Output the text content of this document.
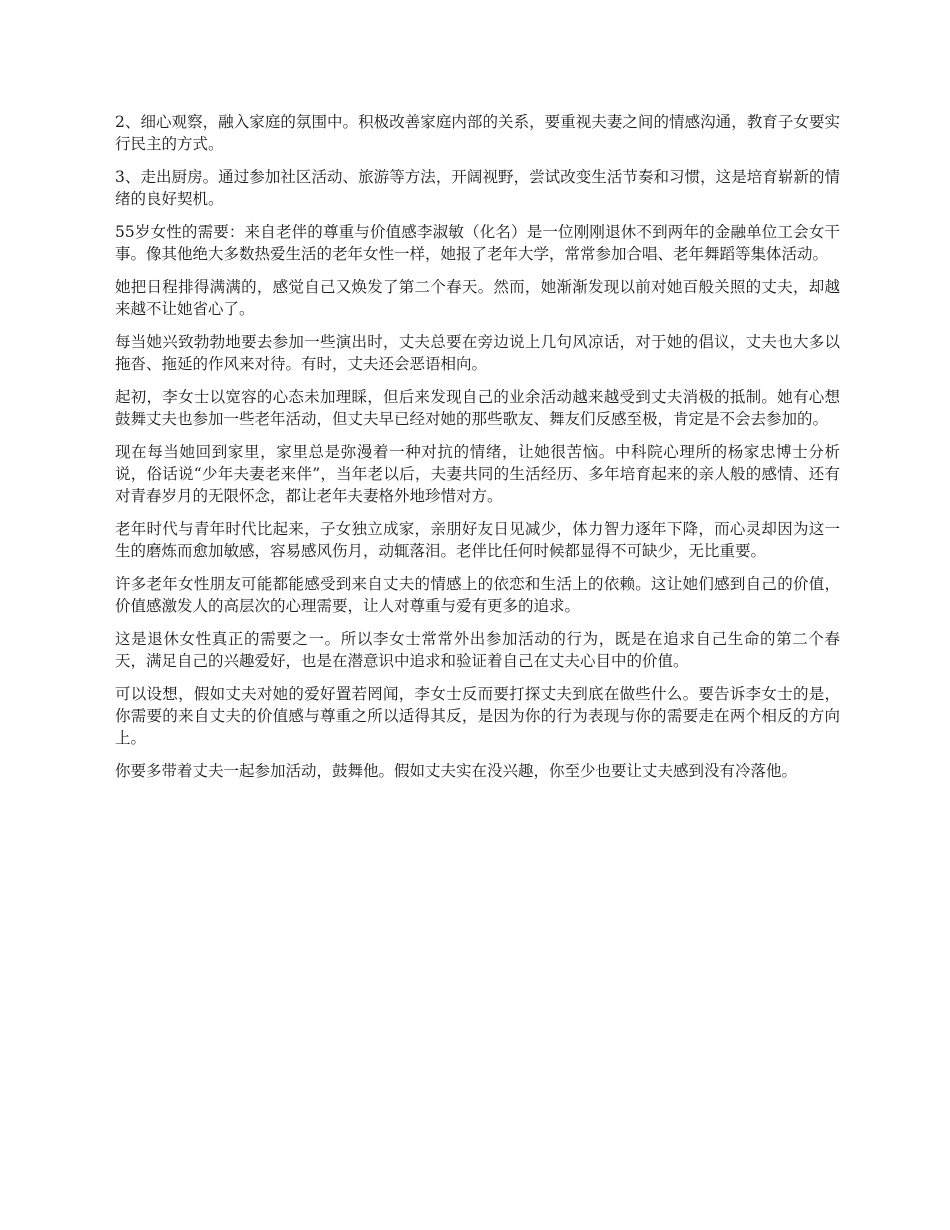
2、细心观察，融入家庭的氛围中。积极改善家庭内部的关系，要重视夫妻之间的情感沟通，教育子女要实行民主的方式。

3、走出厨房。通过参加社区活动、旅游等方法，开阔视野，尝试改变生活节奏和习惯，这是培育崭新的情绪的良好契机。

55岁女性的需要：来自老伴的尊重与价值感李淑敏（化名）是一位刚刚退休不到两年的金融单位工会女干事。像其他绝大多数热爱生活的老年女性一样，她报了老年大学，常常参加合唱、老年舞蹈等集体活动。

她把日程排得满满的，感觉自己又焕发了第二个春天。然而，她渐渐发现以前对她百般关照的丈夫，却越来越不让她省心了。

每当她兴致勃勃地要去参加一些演出时，丈夫总要在旁边说上几句风凉话，对于她的倡议，丈夫也大多以拖沓、拖延的作风来对待。有时，丈夫还会恶语相向。

起初，李女士以宽容的心态未加理睬，但后来发现自己的业余活动越来越受到丈夫消极的抵制。她有心想鼓舞丈夫也参加一些老年活动，但丈夫早已经对她的那些歌友、舞友们反感至极，肯定是不会去参加的。

现在每当她回到家里，家里总是弥漫着一种对抗的情绪，让她很苦恼。中科院心理所的杨家忠博士分析说，俗话说“少年夫妻老来伴”，当年老以后，夫妻共同的生活经历、多年培育起来的亲人般的感情、还有对青春岁月的无限怀念，都让老年夫妻格外地珍惜对方。

老年时代与青年时代比起来，子女独立成家，亲朋好友日见减少，体力智力逐年下降，而心灵却因为这一生的磨炼而愈加敏感，容易感风伤月，动辄落泪。老伴比任何时候都显得不可缺少，无比重要。

许多老年女性朋友可能都能感受到来自丈夫的情感上的依恋和生活上的依赖。这让她们感到自己的价值，价值感激发人的高层次的心理需要，让人对尊重与爱有更多的追求。

这是退休女性真正的需要之一。所以李女士常常外出参加活动的行为，既是在追求自己生命的第二个春天，满足自己的兴趣爱好，也是在潜意识中追求和验证着自己在丈夫心目中的价值。

可以设想，假如丈夫对她的爱好置若罔闻，李女士反而要打探丈夫到底在做些什么。要告诉李女士的是，你需要的来自丈夫的价值感与尊重之所以适得其反，是因为你的行为表现与你的需要走在两个相反的方向上。

你要多带着丈夫一起参加活动，鼓舞他。假如丈夫实在没兴趣，你至少也要让丈夫感到没有冷落他。
